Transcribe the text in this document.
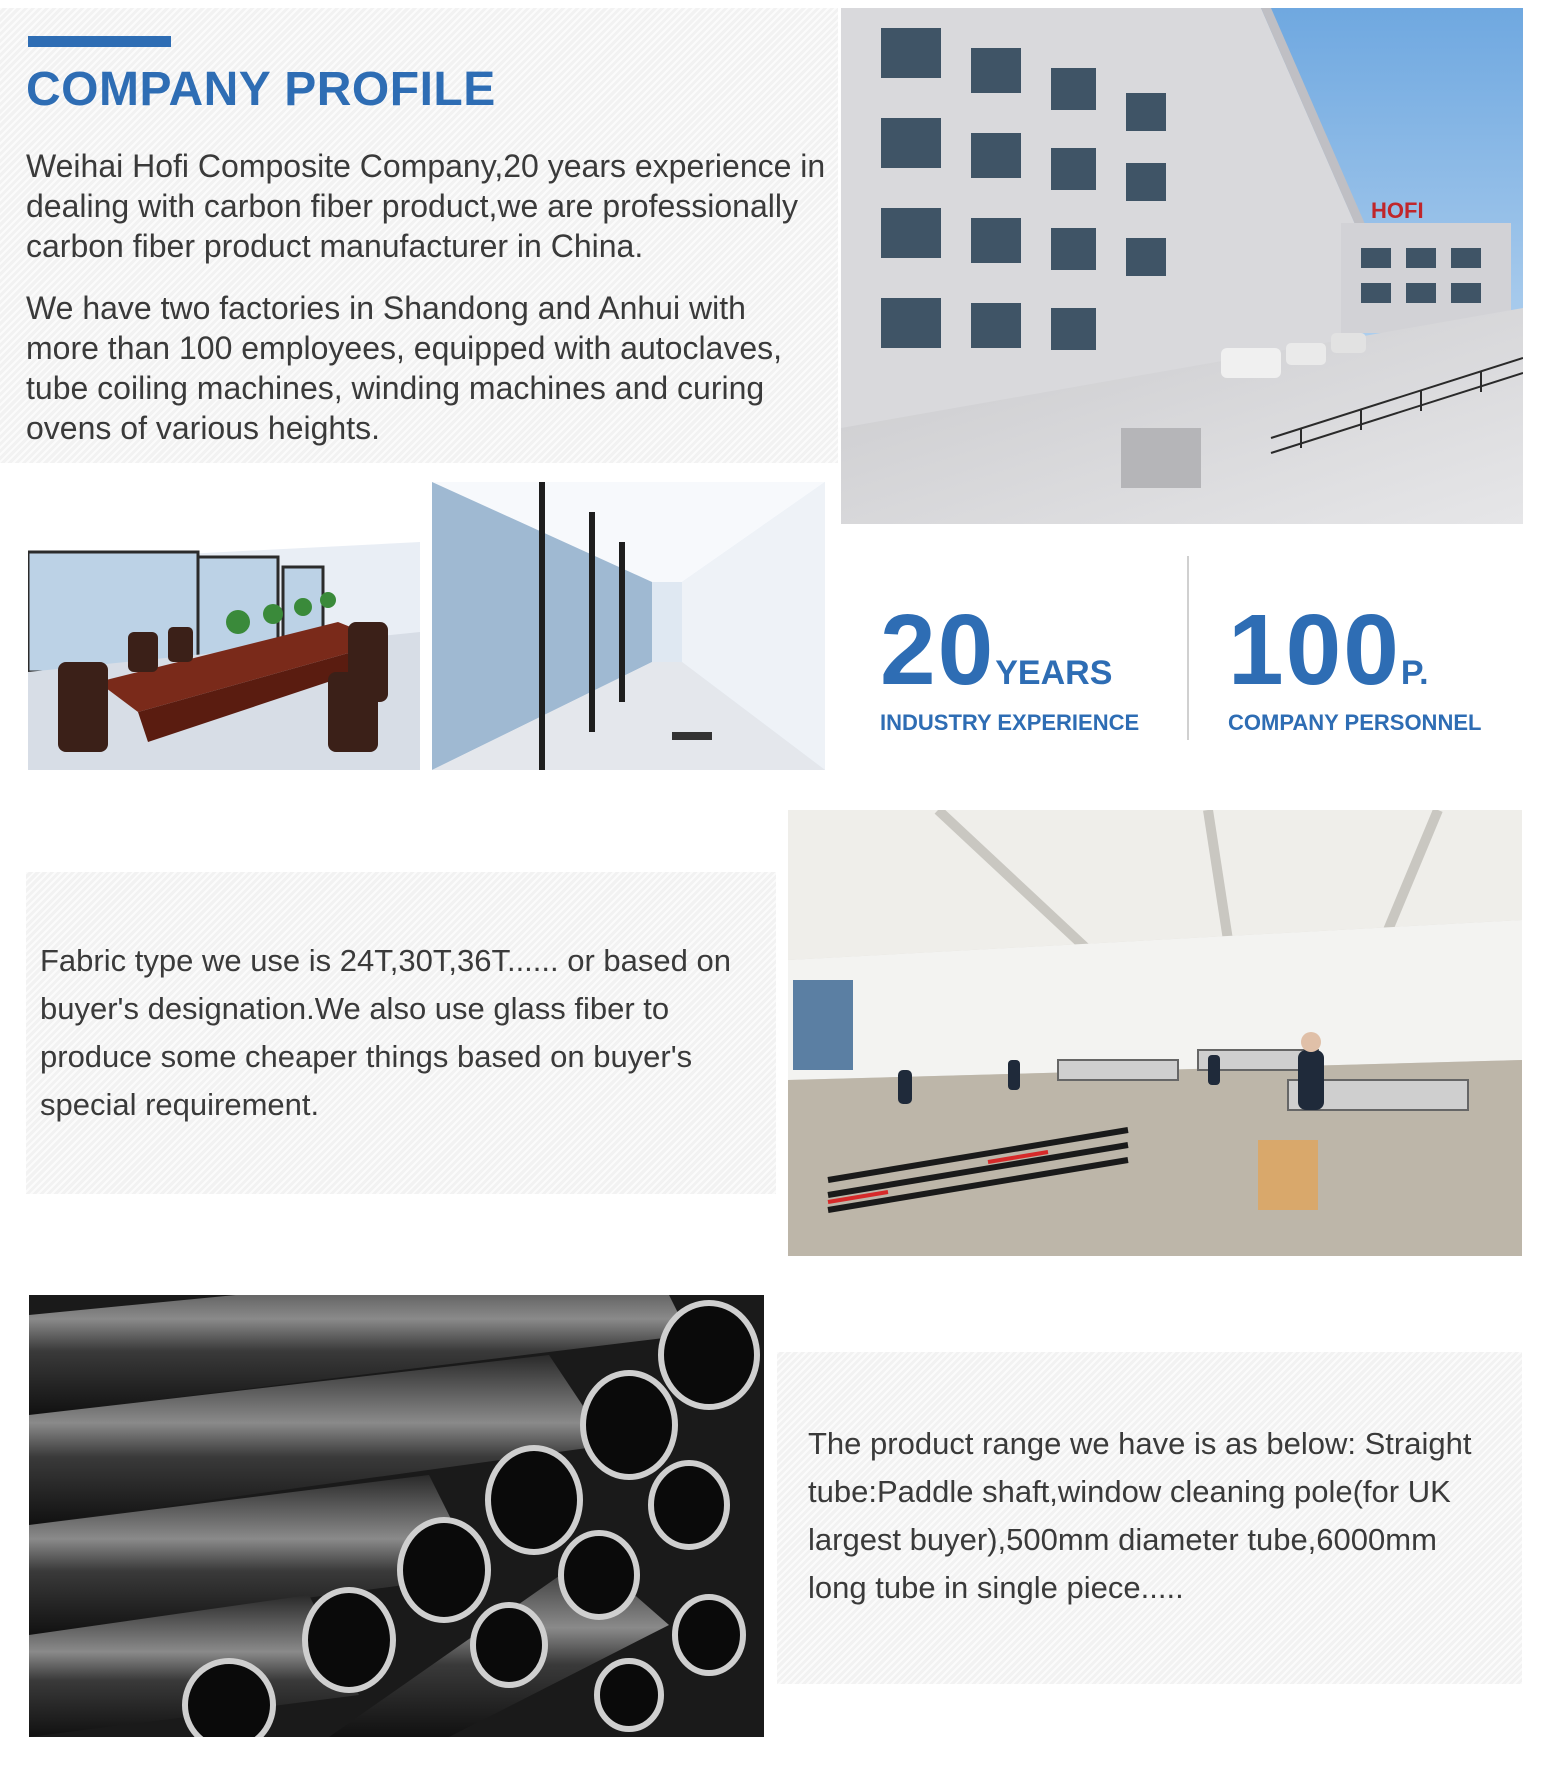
COMPANY PROFILE
Weihai Hofi Composite Company,20 years experience in dealing with carbon fiber product,we are professionally carbon fiber product manufacturer in China.
We have two factories in Shandong and Anhui with more than 100 employees, equipped with autoclaves, tube coiling machines, winding machines and curing ovens of various heights.
HOFI
20YEARS
INDUSTRY EXPERIENCE
100P.
COMPANY PERSONNEL
Fabric type we use is 24T,30T,36T...... or based on buyer's designation.We also use glass fiber to produce some cheaper things based on buyer's special requirement.
The product range we have is as below: Straight tube:Paddle shaft,window cleaning pole(for UK largest buyer),500mm diameter tube,6000mm long tube in single piece.....
